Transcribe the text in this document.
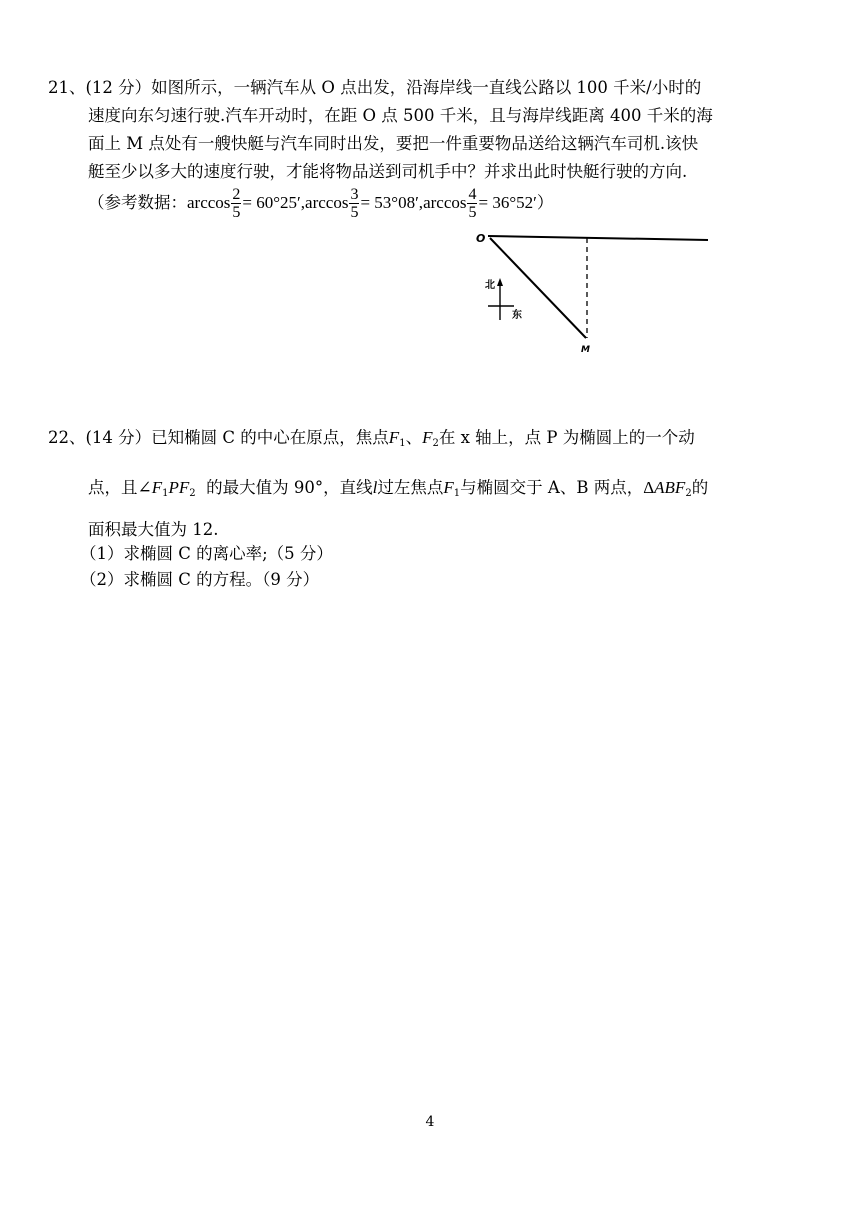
21、(12 分）如图所示，一辆汽车从 O 点出发，沿海岸线一直线公路以 100 千米/小时的
速度向东匀速行驶.汽车开动时，在距 O 点 500 千米，且与海岸线距离 400 千米的海
面上 M 点处有一艘快艇与汽车同时出发，要把一件重要物品送给这辆汽车司机.该快
艇至少以多大的速度行驶，才能将物品送到司机手中？并求出此时快艇行驶的方向.
（参考数据：$\arccos \frac{2}{5} = 60^\circ 25',\arccos \frac{3}{5} = 53^\circ 08',\arccos \frac{4}{5} = 36^\circ 52'$）
O
M
北
东
22、(14 分）已知椭圆 C 的中心在原点，焦点$F_1$、$F_2$在 x 轴上，点 P 为椭圆上的一个动
点，且$\angle F_1PF_2$ 的最大值为 90°，直线l过左焦点$F_1$与椭圆交于 A、B 两点，$\Delta ABF_2$的
面积最大值为 12.
（1）求椭圆 C 的离心率;（5 分）
（2）求椭圆 C 的方程。（9 分）
4
